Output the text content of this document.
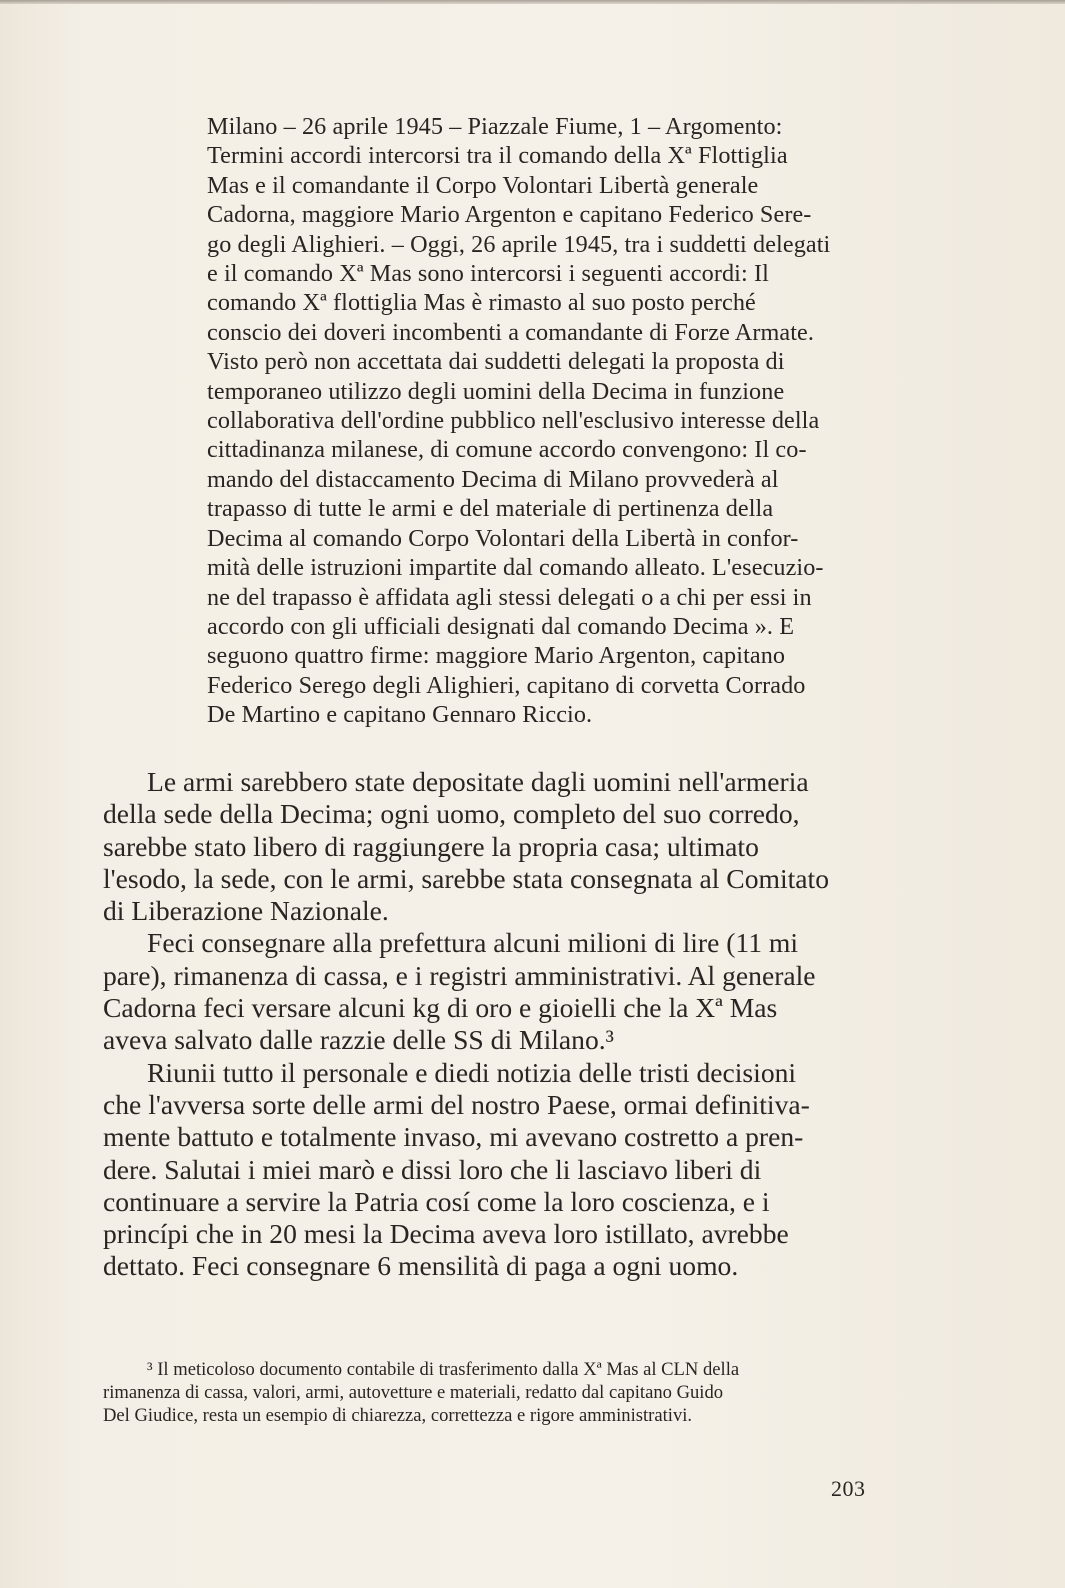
Milano – 26 aprile 1945 – Piazzale Fiume, 1 – Argomento:
Termini accordi intercorsi tra il comando della Xª Flottiglia
Mas e il comandante il Corpo Volontari Libertà generale
Cadorna, maggiore Mario Argenton e capitano Federico Sere-
go degli Alighieri. – Oggi, 26 aprile 1945, tra i suddetti delegati
e il comando Xª Mas sono intercorsi i seguenti accordi: Il
comando Xª flottiglia Mas è rimasto al suo posto perché
conscio dei doveri incombenti a comandante di Forze Armate.
Visto però non accettata dai suddetti delegati la proposta di
temporaneo utilizzo degli uomini della Decima in funzione
collaborativa dell'ordine pubblico nell'esclusivo interesse della
cittadinanza milanese, di comune accordo convengono: Il co-
mando del distaccamento Decima di Milano provvederà al
trapasso di tutte le armi e del materiale di pertinenza della
Decima al comando Corpo Volontari della Libertà in confor-
mità delle istruzioni impartite dal comando alleato. L'esecuzio-
ne del trapasso è affidata agli stessi delegati o a chi per essi in
accordo con gli ufficiali designati dal comando Decima ». E
seguono quattro firme: maggiore Mario Argenton, capitano
Federico Serego degli Alighieri, capitano di corvetta Corrado
De Martino e capitano Gennaro Riccio.

Le armi sarebbero state depositate dagli uomini nell'armeria
della sede della Decima; ogni uomo, completo del suo corredo,
sarebbe stato libero di raggiungere la propria casa; ultimato
l'esodo, la sede, con le armi, sarebbe stata consegnata al Comitato
di Liberazione Nazionale.

Feci consegnare alla prefettura alcuni milioni di lire (11 mi
pare), rimanenza di cassa, e i registri amministrativi. Al generale
Cadorna feci versare alcuni kg di oro e gioielli che la Xª Mas
aveva salvato dalle razzie delle SS di Milano.³

Riunii tutto il personale e diedi notizia delle tristi decisioni
che l'avversa sorte delle armi del nostro Paese, ormai definitiva-
mente battuto e totalmente invaso, mi avevano costretto a pren-
dere. Salutai i miei marò e dissi loro che li lasciavo liberi di
continuare a servire la Patria cosí come la loro coscienza, e i
princípi che in 20 mesi la Decima aveva loro istillato, avrebbe
dettato. Feci consegnare 6 mensilità di paga a ogni uomo.

³ Il meticoloso documento contabile di trasferimento dalla Xª Mas al CLN della
rimanenza di cassa, valori, armi, autovetture e materiali, redatto dal capitano Guido
Del Giudice, resta un esempio di chiarezza, correttezza e rigore amministrativi.
203
